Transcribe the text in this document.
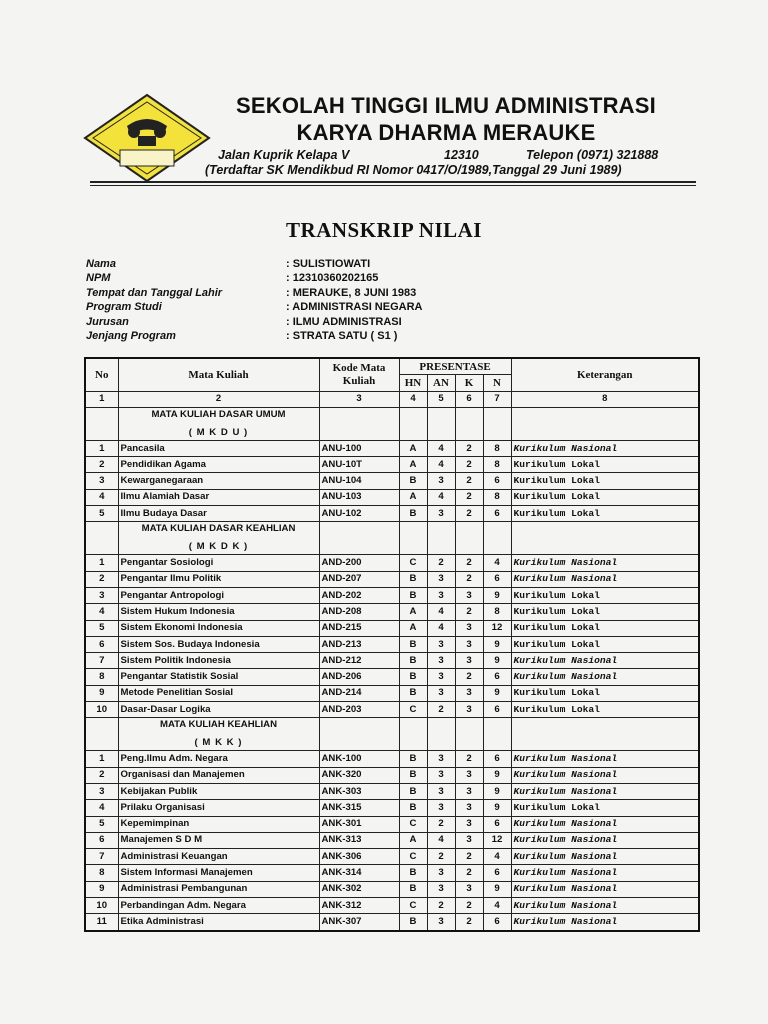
SEKOLAH TINGGI ILMU ADMINISTRASI
KARYA DHARMA MERAUKE
Jalan Kuprik Kelapa V	12310	Telepon (0971) 321888
(Terdaftar SK Mendikbud RI Nomor 0417/O/1989,Tanggal 29 Juni 1989)
TRANSKRIP NILAI
Nama	: SULISTIOWATI
NPM	: 12310360202165
Tempat dan Tanggal Lahir	: MERAUKE, 8 JUNI 1983
Program Studi	: ADMINISTRASI NEGARA
Jurusan	: ILMU ADMINISTRASI
Jenjang Program	: STRATA SATU ( S1 )
No	Mata Kuliah	Kode Mata Kuliah	PRESENTASE				Keterangan
			HN	AN	K	N	
1	2	3	4	5	6	7	8

	MATA KULIAH DASAR UMUM
( M K D U )						

1	Pancasila	ANU-100	A	4	2	8	Kurikulum Nasional
2	Pendidikan Agama	ANU-10T	A	4	2	8	Kurikulum Lokal
3	Kewarganegaraan	ANU-104	B	3	2	6	Kurikulum Lokal
4	Ilmu Alamiah Dasar	ANU-103	A	4	2	8	Kurikulum Lokal
5	Ilmu Budaya Dasar	ANU-102	B	3	2	6	Kurikulum Lokal

	MATA KULIAH DASAR KEAHLIAN
( M K D K )						

1	Pengantar Sosiologi	AND-200	C	2	2	4	Kurikulum Nasional
2	Pengantar Ilmu Politik	AND-207	B	3	2	6	Kurikulum Nasional
3	Pengantar Antropologi	AND-202	B	3	3	9	Kurikulum Lokal
4	Sistem Hukum Indonesia	AND-208	A	4	2	8	Kurikulum Lokal
5	Sistem Ekonomi Indonesia	AND-215	A	4	3	12	Kurikulum Lokal
6	Sistem Sos. Budaya Indonesia	AND-213	B	3	3	9	Kurikulum Lokal
7	Sistem Politik Indonesia	AND-212	B	3	3	9	Kurikulum Nasional
8	Pengantar Statistik Sosial	AND-206	B	3	2	6	Kurikulum Nasional
9	Metode Penelitian Sosial	AND-214	B	3	3	9	Kurikulum Lokal
10	Dasar-Dasar Logika	AND-203	C	2	3	6	Kurikulum Lokal

	MATA KULIAH KEAHLIAN
( M K K )						

1	Peng.Ilmu Adm. Negara	ANK-100	B	3	2	6	Kurikulum Nasional
2	Organisasi dan Manajemen	ANK-320	B	3	3	9	Kurikulum Nasional
3	Kebijakan Publik	ANK-303	B	3	3	9	Kurikulum Nasional
4	Prilaku Organisasi	ANK-315	B	3	3	9	Kurikulum Lokal
5	Kepemimpinan	ANK-301	C	2	3	6	Kurikulum Nasional
6	Manajemen S D M	ANK-313	A	4	3	12	Kurikulum Nasional
7	Administrasi Keuangan	ANK-306	C	2	2	4	Kurikulum Nasional
8	Sistem Informasi Manajemen	ANK-314	B	3	2	6	Kurikulum Nasional
9	Administrasi Pembangunan	ANK-302	B	3	3	9	Kurikulum Nasional
10	Perbandingan Adm. Negara	ANK-312	C	2	2	4	Kurikulum Nasional
11	Etika Administrasi	ANK-307	B	3	2	6	Kurikulum Nasional
